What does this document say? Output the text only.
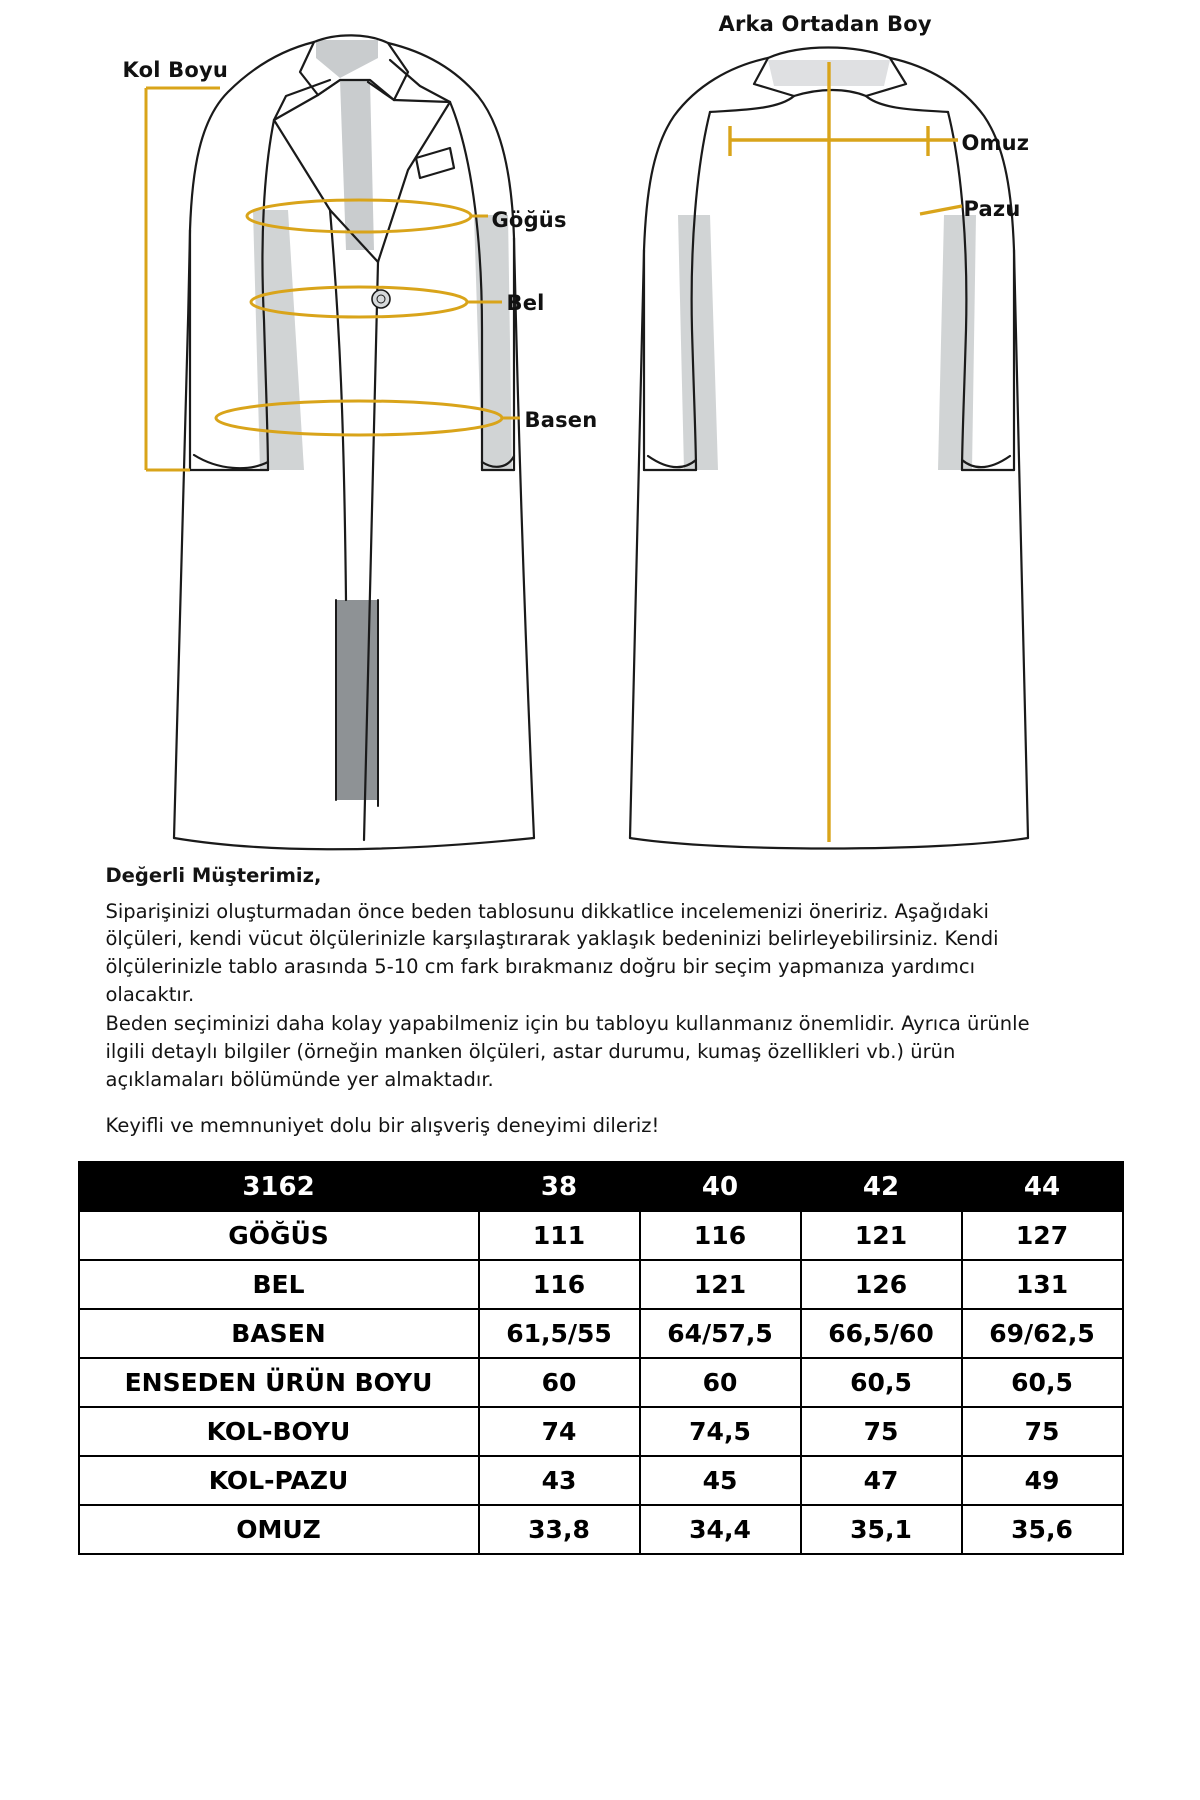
Kol Boyu
Arka Ortadan Boy
Omuz
Pazu
Göğüs
Bel
Basen

Değerli Müşterimiz,

Siparişinizi oluşturmadan önce beden tablosunu dikkatlice incelemenizi öneririz. Aşağıdaki ölçüleri, kendi vücut ölçülerinizle karşılaştırarak yaklaşık bedeninizi belirleyebilirsiniz. Kendi ölçülerinizle tablo arasında 5-10 cm fark bırakmanız doğru bir seçim yapmanıza yardımcı olacaktır.

Beden seçiminizi daha kolay yapabilmeniz için bu tabloyu kullanmanız önemlidir. Ayrıca ürünle ilgili detaylı bilgiler (örneğin manken ölçüleri, astar durumu, kumaş özellikleri vb.) ürün açıklamaları bölümünde yer almaktadır.

Keyifli ve memnuniyet dolu bir alışveriş deneyimi dileriz!

3162	38	40	42	44
GÖĞÜS	111	116	121	127
BEL	116	121	126	131
BASEN	61,5/55	64/57,5	66,5/60	69/62,5
ENSEDEN ÜRÜN BOYU	60	60	60,5	60,5
KOL-BOYU	74	74,5	75	75
KOL-PAZU	43	45	47	49
OMUZ	33,8	34,4	35,1	35,6
